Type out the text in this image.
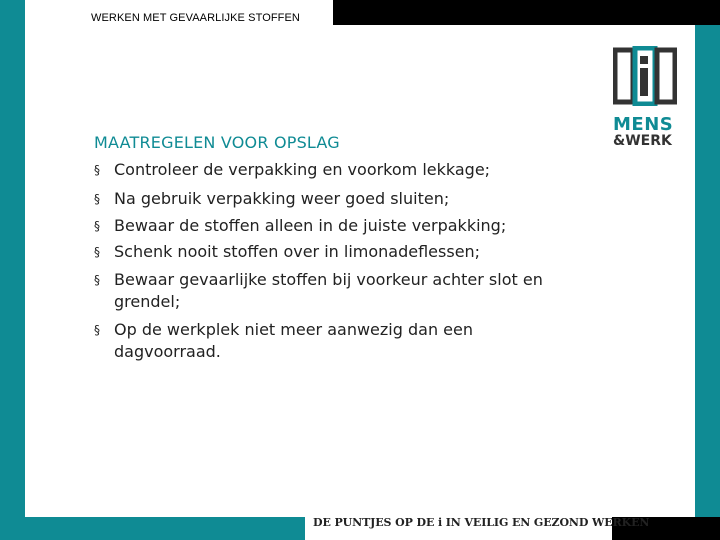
WERKEN MET GEVAARLIJKE STOFFEN
MENS
&WERK
MAATREGELEN VOOR OPSLAG
§ Controleer de verpakking en voorkom lekkage;
§ Na gebruik verpakking weer goed sluiten;
§ Bewaar de stoffen alleen in de juiste verpakking;
§ Schenk nooit stoffen over in limonadeflessen;
§ Bewaar gevaarlijke stoffen bij voorkeur achter slot en grendel;
§ Op de werkplek niet meer aanwezig dan een dagvoorraad.
DE PUNTJES OP DE i IN VEILIG EN GEZOND WERKEN
